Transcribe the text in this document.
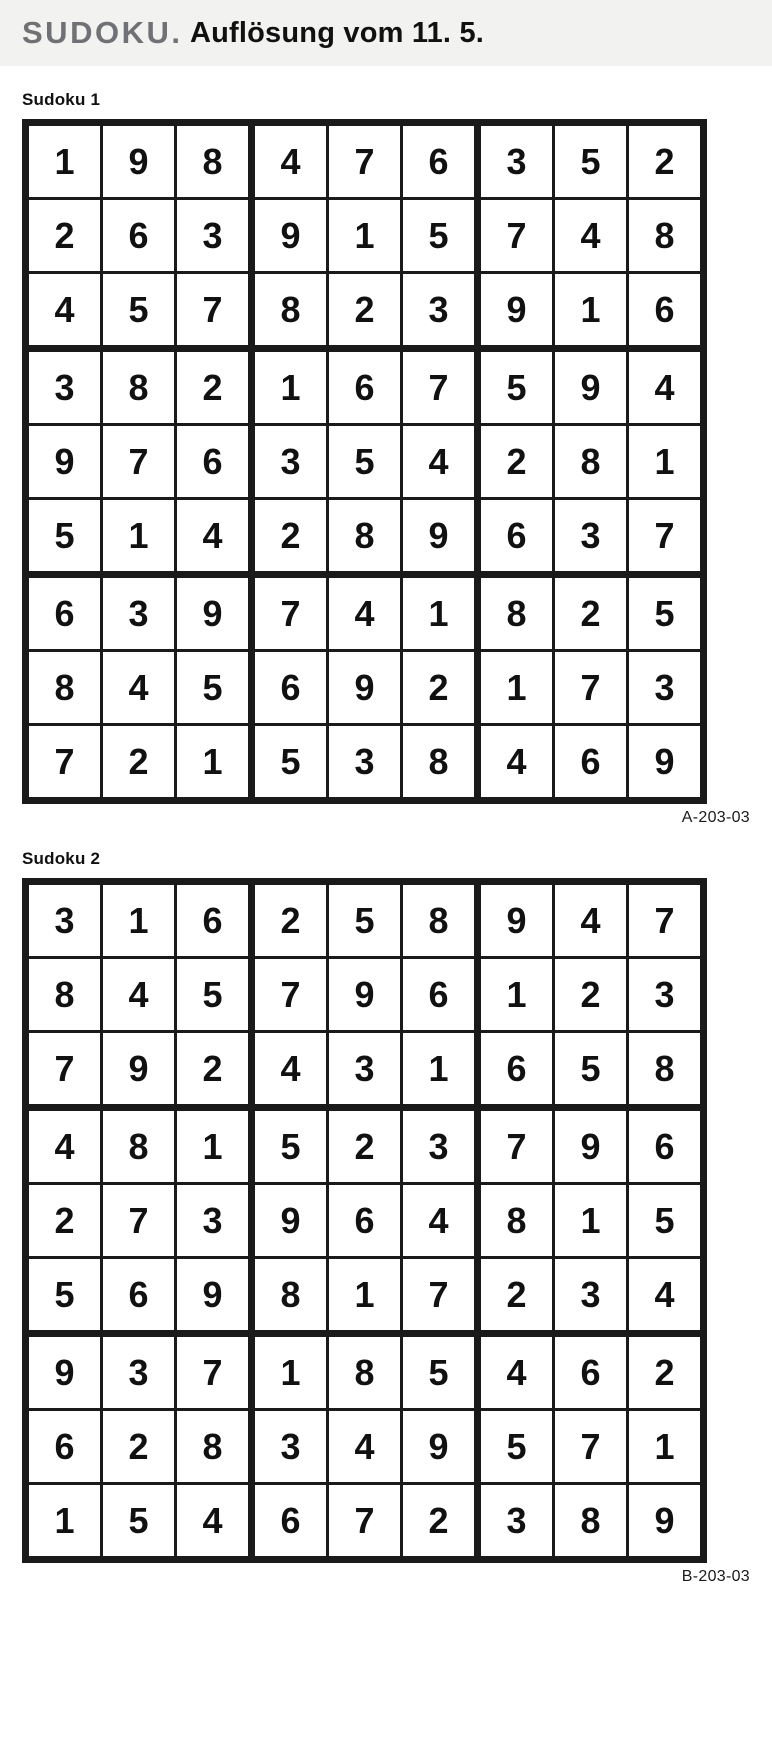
SUDOKU . Auflösung vom 11. 5.
Sudoku 1
1	9	8	4	7	6	3	5	2
2	6	3	9	1	5	7	4	8
4	5	7	8	2	3	9	1	6
3	8	2	1	6	7	5	9	4
9	7	6	3	5	4	2	8	1
5	1	4	2	8	9	6	3	7
6	3	9	7	4	1	8	2	5
8	4	5	6	9	2	1	7	3
7	2	1	5	3	8	4	6	9
A-203-03
Sudoku 2
3	1	6	2	5	8	9	4	7
8	4	5	7	9	6	1	2	3
7	9	2	4	3	1	6	5	8
4	8	1	5	2	3	7	9	6
2	7	3	9	6	4	8	1	5
5	6	9	8	1	7	2	3	4
9	3	7	1	8	5	4	6	2
6	2	8	3	4	9	5	7	1
1	5	4	6	7	2	3	8	9
B-203-03
